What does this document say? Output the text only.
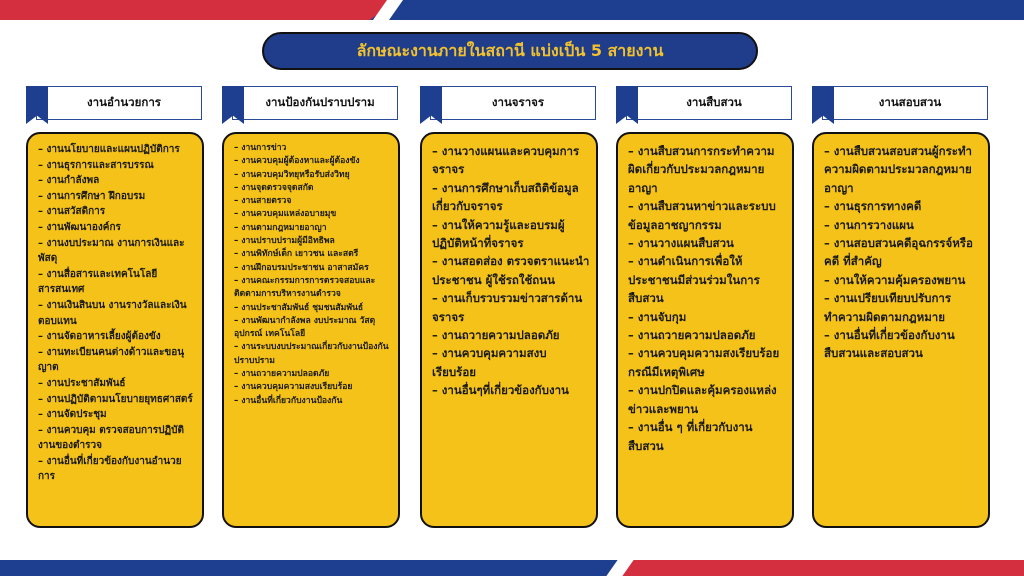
ลักษณะงานภายในสถานี แบ่งเป็น 5 สายงาน
งานอำนวยการ
– งานนโยบายและแผนปฏิบัติการ
– งานธุรการและสารบรรณ
– งานกำลังพล
– งานการศึกษา ฝึกอบรม
– งานสวัสดิการ
– งานพัฒนาองค์กร
– งานงบประมาณ งานการเงินและพัสดุ
– งานสื่อสารและเทคโนโลยีสารสนเทศ
– งานเงินสินบน งานรางวัลและเงินตอบแทน
– งานจัดอาหารเลี้ยงผู้ต้องขัง
– งานทะเบียนคนต่างด้าวและขอนุญาต
– งานประชาสัมพันธ์
– งานปฏิบัติตามนโยบายยุทธศาสตร์
– งานจัดประชุม
– งานควบคุม ตรวจสอบการปฏิบัติงานของตำรวจ
– งานอื่นที่เกี่ยวข้องกับงานอำนวยการ
งานป้องกันปราบปราม
– งานการข่าว
– งานควบคุมผู้ต้องหาและผู้ต้องขัง
– งานควบคุมวิทยุหรือรับส่งวิทยุ
– งานจุดตรวจจุดสกัด
– งานสายตรวจ
– งานควบคุมแหล่งอบายมุข
– งานตามกฎหมายอาญา
– งานปราบปรามผู้มีอิทธิพล
– งานพิทักษ์เด็ก เยาวชน และสตรี
– งานฝึกอบรมประชาชน อาสาสมัคร
– งานคณะกรรมการการตรวจสอบและติดตามการบริหารงานตำรวจ
– งานประชาสัมพันธ์ ชุมชนสัมพันธ์
– งานพัฒนากำลังพล งบประมาณ วัสดุ อุปกรณ์ เทคโนโลยี
– งานระบบงบประมาณเกี่ยวกับงานป้องกันปราบปราม
– งานถวายความปลอดภัย
– งานควบคุมความสงบเรียบร้อย
– งานอื่นที่เกี่ยวกับงานป้องกัน
งานจราจร
– งานวางแผนและควบคุมการจราจร
– งานการศึกษาเก็บสถิติข้อมูลเกี่ยวกับจราจร
– งานให้ความรู้และอบรมผู้ปฏิบัติหน้าที่จราจร
– งานสอดส่อง ตรวจตราแนะนำประชาชน ผู้ใช้รถใช้ถนน
– งานเก็บรวบรวมข่าวสารด้านจราจร
– งานถวายความปลอดภัย
– งานควบคุมความสงบเรียบร้อย
– งานอื่นๆที่เกี่ยวข้องกับงาน
งานสืบสวน
– งานสืบสวนการกระทำความผิดเกี่ยวกับประมวลกฎหมายอาญา
– งานสืบสวนหาข่าวและระบบข้อมูลอาชญากรรม
– งานวางแผนสืบสวน
– งานดำเนินการเพื่อให้ประชาชนมีส่วนร่วมในการสืบสวน
– งานจับกุม
– งานถวายความปลอดภัย
– งานควบคุมความสงเรียบร้อย กรณีมีเหตุพิเศษ
– งานปกปิดและคุ้มครองแหล่งข่าวและพยาน
– งานอื่น ๆ ที่เกี่ยวกับงานสืบสวน
งานสอบสวน
– งานสืบสวนสอบสวนผู้กระทำความผิดตามประมวลกฎหมายอาญา
– งานธุรการทางคดี
– งานการวางแผน
– งานสอบสวนคดีอุฉกรรจ์หรือคดี ที่สำคัญ
– งานให้ความคุ้มครองพยาน
– งานเปรียบเทียบปรับการทำความผิดตามกฎหมาย
– งานอื่นที่เกี่ยวข้องกับงานสืบสวนและสอบสวน
